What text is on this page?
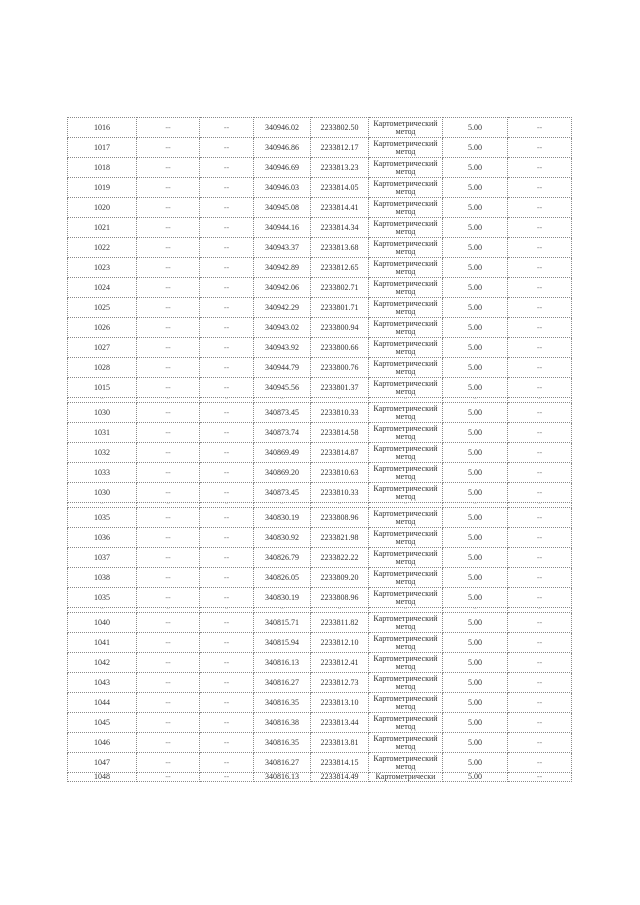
1016	--	--	340946.02	2233802.50	Картометрический метод	5.00	--
1017	--	--	340946.86	2233812.17	Картометрический метод	5.00	--
1018	--	--	340946.69	2233813.23	Картометрический метод	5.00	--
1019	--	--	340946.03	2233814.05	Картометрический метод	5.00	--
1020	--	--	340945.08	2233814.41	Картометрический метод	5.00	--
1021	--	--	340944.16	2233814.34	Картометрический метод	5.00	--
1022	--	--	340943.37	2233813.68	Картометрический метод	5.00	--
1023	--	--	340942.89	2233812.65	Картометрический метод	5.00	--
1024	--	--	340942.06	2233802.71	Картометрический метод	5.00	--
1025	--	--	340942.29	2233801.71	Картометрический метод	5.00	--
1026	--	--	340943.02	2233800.94	Картометрический метод	5.00	--
1027	--	--	340943.92	2233800.66	Картометрический метод	5.00	--
1028	--	--	340944.79	2233800.76	Картометрический метод	5.00	--
1015	--	--	340945.56	2233801.37	Картометрический метод	5.00	--
--	--	--	--	--	--	--	--
1030	--	--	340873.45	2233810.33	Картометрический метод	5.00	--
1031	--	--	340873.74	2233814.58	Картометрический метод	5.00	--
1032	--	--	340869.49	2233814.87	Картометрический метод	5.00	--
1033	--	--	340869.20	2233810.63	Картометрический метод	5.00	--
1030	--	--	340873.45	2233810.33	Картометрический метод	5.00	--
--	--	--	--	--	--	--	--
1035	--	--	340830.19	2233808.96	Картометрический метод	5.00	--
1036	--	--	340830.92	2233821.98	Картометрический метод	5.00	--
1037	--	--	340826.79	2233822.22	Картометрический метод	5.00	--
1038	--	--	340826.05	2233809.20	Картометрический метод	5.00	--
1035	--	--	340830.19	2233808.96	Картометрический метод	5.00	--
--	--	--	--	--	--	--	--
1040	--	--	340815.71	2233811.82	Картометрический метод	5.00	--
1041	--	--	340815.94	2233812.10	Картометрический метод	5.00	--
1042	--	--	340816.13	2233812.41	Картометрический метод	5.00	--
1043	--	--	340816.27	2233812.73	Картометрический метод	5.00	--
1044	--	--	340816.35	2233813.10	Картометрический метод	5.00	--
1045	--	--	340816.38	2233813.44	Картометрический метод	5.00	--
1046	--	--	340816.35	2233813.81	Картометрический метод	5.00	--
1047	--	--	340816.27	2233814.15	Картометрический метод	5.00	--
1048	--	--	340816.13	2233814.49	Картометрически	5.00	--
